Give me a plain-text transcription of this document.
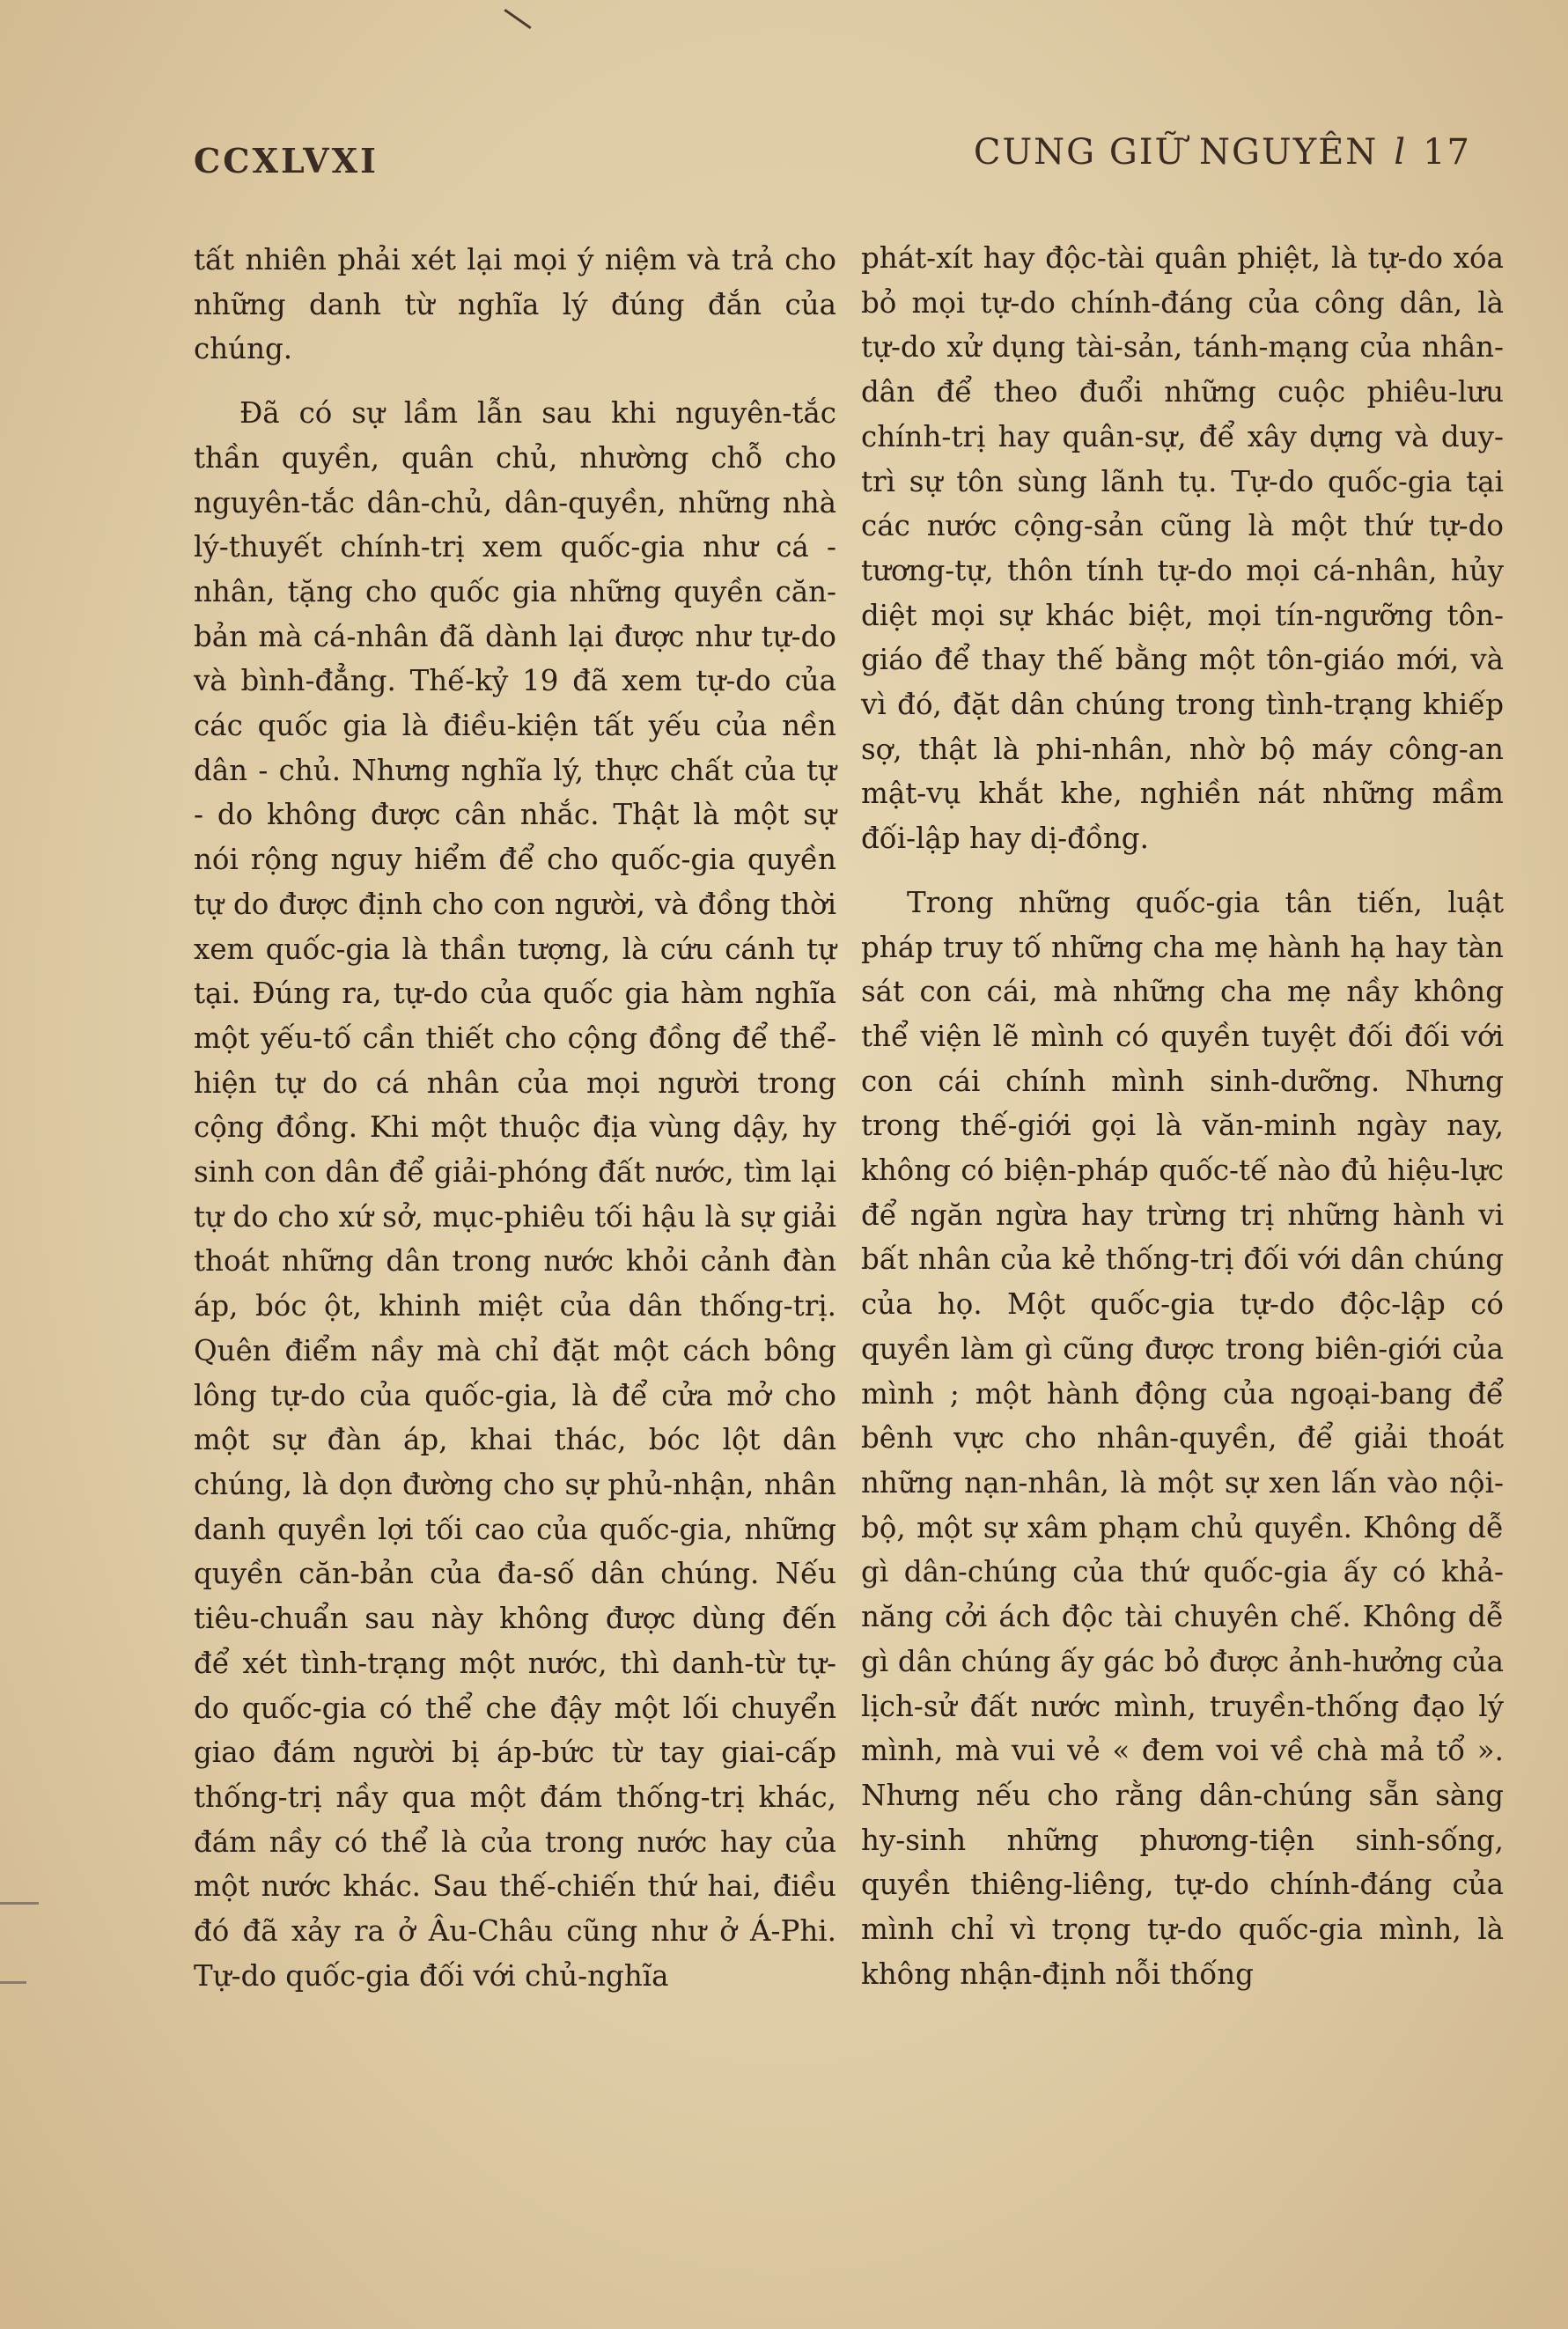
CCXLVXI	CUNG GIỮ NGUYÊN l 17

tất nhiên phải xét lại mọi ý niệm và trả cho những danh từ nghĩa lý đúng đắn của chúng.

Đã có sự lầm lẫn sau khi nguyên-tắc thần quyền, quân chủ, nhường chỗ cho nguyên-tắc dân-chủ, dân-quyền, những nhà lý-thuyết chính-trị xem quốc-gia như cá - nhân, tặng cho quốc gia những quyền căn-bản mà cá-nhân đã dành lại được như tự-do và bình-đẳng. Thế-kỷ 19 đã xem tự-do của các quốc gia là điều-kiện tất yếu của nền dân - chủ. Nhưng nghĩa lý, thực chất của tự - do không được cân nhắc. Thật là một sự nói rộng nguy hiểm để cho quốc-gia quyền tự do được định cho con người, và đồng thời xem quốc-gia là thần tượng, là cứu cánh tự tại. Đúng ra, tự-do của quốc gia hàm nghĩa một yếu-tố cần thiết cho cộng đồng để thể-hiện tự do cá nhân của mọi người trong cộng đồng. Khi một thuộc địa vùng dậy, hy sinh con dân để giải-phóng đất nước, tìm lại tự do cho xứ sở, mục-phiêu tối hậu là sự giải thoát những dân trong nước khỏi cảnh đàn áp, bóc ột, khinh miệt của dân thống-trị. Quên điểm nầy mà chỉ đặt một cách bông lông tự-do của quốc-gia, là để cửa mở cho một sự đàn áp, khai thác, bóc lột dân chúng, là dọn đường cho sự phủ-nhận, nhân danh quyền lợi tối cao của quốc-gia, những quyền căn-bản của đa-số dân chúng. Nếu tiêu-chuẩn sau này không được dùng đến để xét tình-trạng một nước, thì danh-từ tự-do quốc-gia có thể che đậy một lối chuyển giao đám người bị áp-bức từ tay giai-cấp thống-trị nầy qua một đám thống-trị khác, đám nầy có thể là của trong nước hay của một nước khác. Sau thế-chiến thứ hai, điều đó đã xảy ra ở Âu-Châu cũng như ở Á-Phi. Tự-do quốc-gia đối với chủ-nghĩa

phát-xít hay độc-tài quân phiệt, là tự-do xóa bỏ mọi tự-do chính-đáng của công dân, là tự-do xử dụng tài-sản, tánh-mạng của nhân-dân để theo đuổi những cuộc phiêu-lưu chính-trị hay quân-sự, để xây dựng và duy-trì sự tôn sùng lãnh tụ. Tự-do quốc-gia tại các nước cộng-sản cũng là một thứ tự-do tương-tự, thôn tính tự-do mọi cá-nhân, hủy diệt mọi sự khác biệt, mọi tín-ngưỡng tôn-giáo để thay thế bằng một tôn-giáo mới, và vì đó, đặt dân chúng trong tình-trạng khiếp sợ, thật là phi-nhân, nhờ bộ máy công-an mật-vụ khắt khe, nghiền nát những mầm đối-lập hay dị-đồng.

Trong những quốc-gia tân tiến, luật pháp truy tố những cha mẹ hành hạ hay tàn sát con cái, mà những cha mẹ nầy không thể viện lẽ mình có quyền tuyệt đối đối với con cái chính mình sinh-dưỡng. Nhưng trong thế-giới gọi là văn-minh ngày nay, không có biện-pháp quốc-tế nào đủ hiệu-lực để ngăn ngừa hay trừng trị những hành vi bất nhân của kẻ thống-trị đối với dân chúng của họ. Một quốc-gia tự-do độc-lập có quyền làm gì cũng được trong biên-giới của mình ; một hành động của ngoại-bang để bênh vực cho nhân-quyền, để giải thoát những nạn-nhân, là một sự xen lấn vào nội-bộ, một sự xâm phạm chủ quyền. Không dễ gì dân-chúng của thứ quốc-gia ấy có khả-năng cởi ách độc tài chuyên chế. Không dễ gì dân chúng ấy gác bỏ được ảnh-hưởng của lịch-sử đất nước mình, truyền-thống đạo lý mình, mà vui vẻ « đem voi về chà mả tổ ». Nhưng nếu cho rằng dân-chúng sẵn sàng hy-sinh những phương-tiện sinh-sống, quyền thiêng-liêng, tự-do chính-đáng của mình chỉ vì trọng tự-do quốc-gia mình, là không nhận-định nỗi thống
